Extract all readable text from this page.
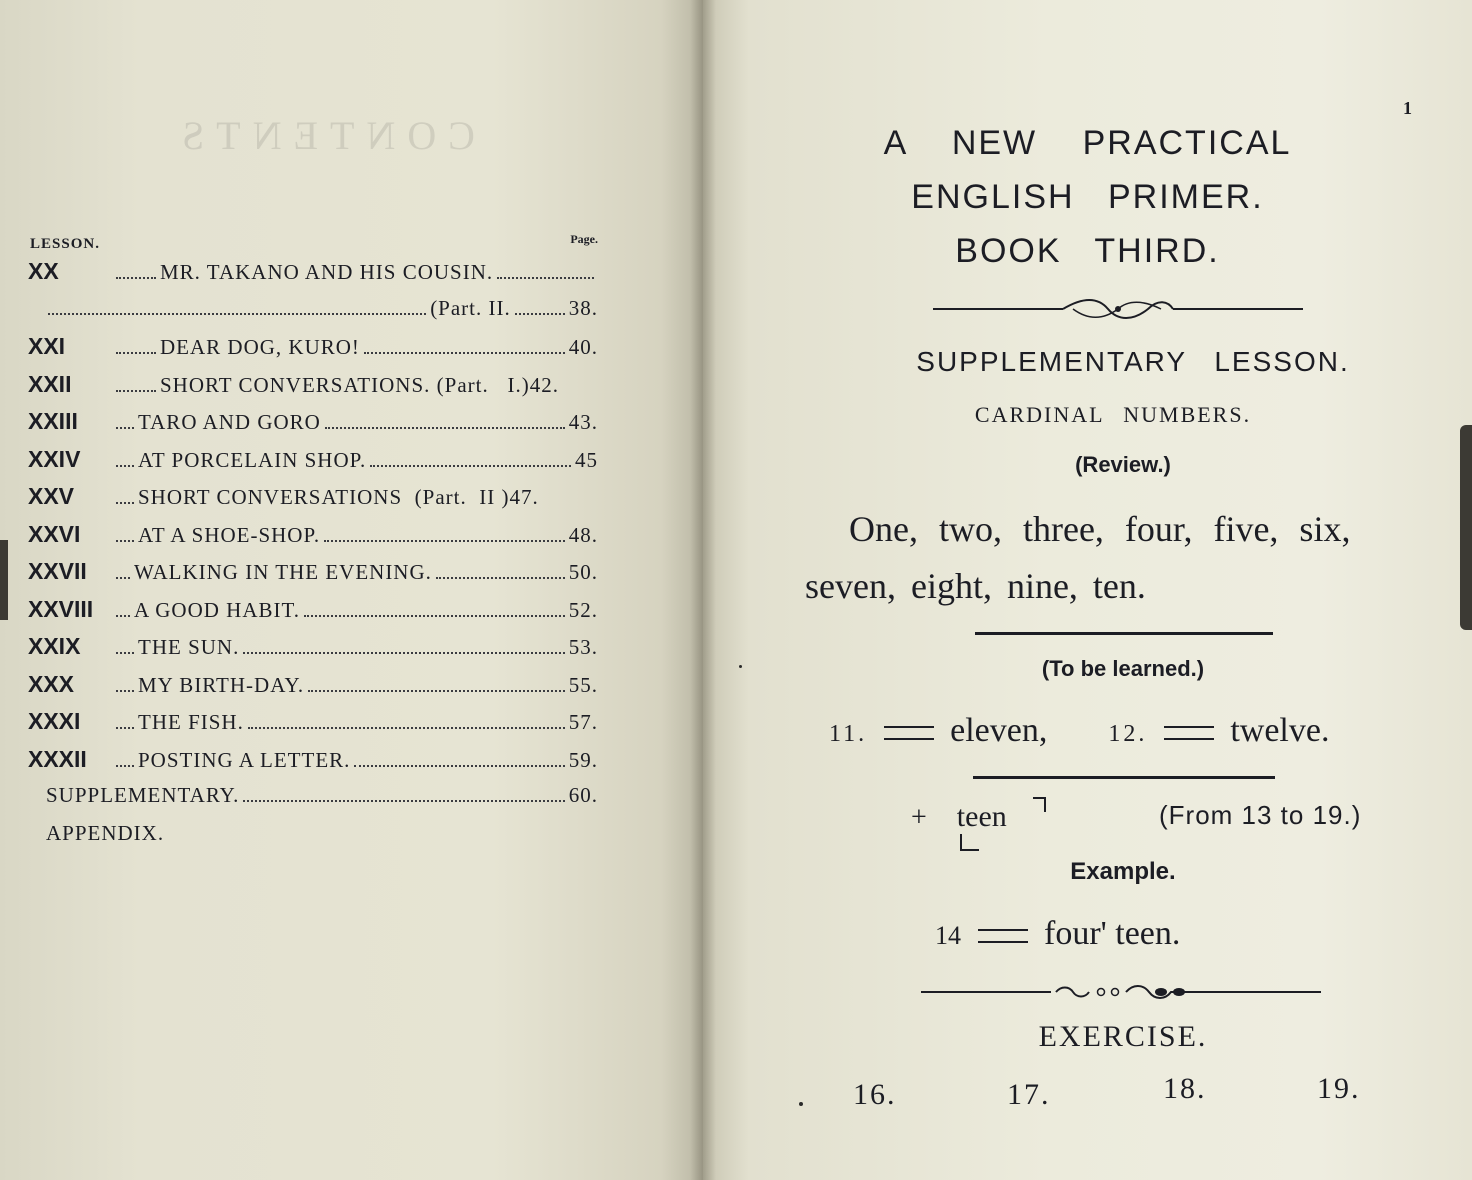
CONTENTS
LESSON.	Page.
XX	MR. TAKANO AND HIS COUSIN.
(Part. II.	38.
XXI	DEAR DOG, KURO!	40.
XXII	SHORT CONVERSATIONS. (Part.   I.) 42.
XXIII	TARO AND GORO	43.
XXIV	AT PORCELAIN SHOP.	45
XXV	SHORT CONVERSATIONS  (Part.  II ) 47.
XXVI	AT A SHOE-SHOP.	48.
XXVII	WALKING IN THE EVENING.	50.
XXVIII	A GOOD HABIT.	52.
XXIX	THE SUN.	53.
XXX	MY BIRTH-DAY.	55.
XXXI	THE FISH.	57.
XXXII	POSTING A LETTER.	59.
SUPPLEMENTARY.	60.
APPENDIX.
1
A NEW PRACTICAL
ENGLISH PRIMER.
BOOK THIRD.
SUPPLEMENTARY LESSON.
CARDINAL NUMBERS.
(Review.)
One, two, three, four, five, six,
seven, eight, nine, ten.
(To be learned.)
11. eleven,	12. twelve.
+ teen	(From 13 to 19.)
Example.
14 four' teen.
EXERCISE.
16.	17.	18.	19.
